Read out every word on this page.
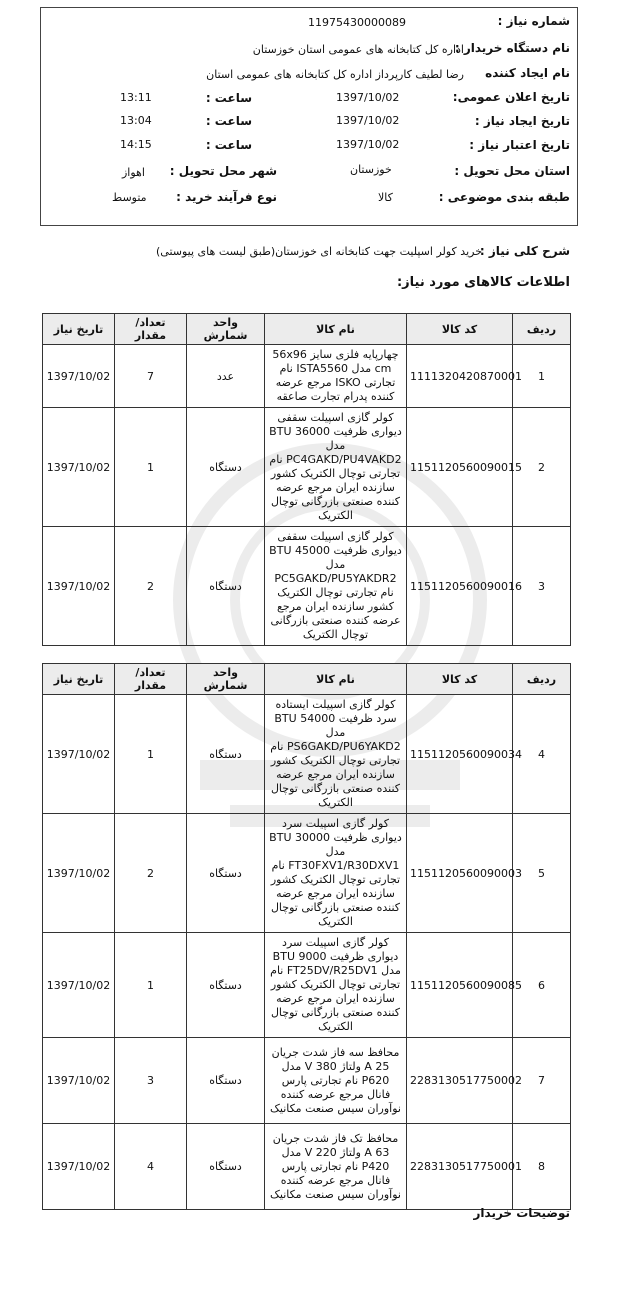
شماره نیاز :
11975430000089
نام دستگاه خریدار :
اداره کل کتابخانه های عمومی استان خوزستان
نام ایجاد کننده
رضا لطیف کارپرداز اداره کل کتابخانه های عمومی استان
تاریخ اعلان عمومی:
1397/10/02
ساعت :
13:11
تاریخ ایجاد نیاز :
1397/10/02
ساعت :
13:04
تاریخ اعتبار نیاز :
1397/10/02
ساعت :
14:15
استان محل تحویل :
خوزستان
شهر محل تحویل :
اهواز
طبقه بندی موضوعی :
کالا
نوع فرآیند خرید :
متوسط
شرح کلی نیاز :
خرید کولر اسپلیت جهت کتابخانه ای خوزستان(طبق لیست های پیوستی)
اطلاعات کالاهای مورد نیاز:
ردیف	کد کالا	نام کالا	واحد شمارش	تعداد/ مقدار	تاریخ نیاز
1	1111320420870001	چهارپایه فلزی سایز 56x96 cm مدل ISTA5560 نام تجارتی ISKO مرجع عرضه کننده پدرام تجارت صاعقه	عدد	7	1397/10/02
2	1151120560090015	کولر گازی اسپیلت سقفی دیواری ظرفیت BTU 36000 مدل PC4GAKD/PU4VAKD2 نام تجارتی توچال الکتریک کشور سازنده ایران مرجع عرضه کننده صنعتی بازرگانی توچال الکتریک	دستگاه	1	1397/10/02
3	1151120560090016	کولر گازی اسپیلت سقفی دیواری ظرفیت BTU 45000 مدل PC5GAKD/PU5YAKDR2 نام تجارتی توچال الکتریک کشور سازنده ایران مرجع عرضه کننده صنعتی بازرگانی توچال الکتریک	دستگاه	2	1397/10/02
ردیف	کد کالا	نام کالا	واحد شمارش	تعداد/ مقدار	تاریخ نیاز
4	1151120560090034	کولر گازی اسپیلت ایستاده سرد ظرفیت BTU 54000 مدل PS6GAKD/PU6YAKD2 نام تجارتی توچال الکتریک کشور سازنده ایران مرجع عرضه کننده صنعتی بازرگانی توچال الکتریک	دستگاه	1	1397/10/02
5	1151120560090003	کولر گازی اسپیلت سرد دیواری ظرفیت BTU 30000 مدل FT30FXV1/R30DXV1 نام تجارتی توچال الکتریک کشور سازنده ایران مرجع عرضه کننده صنعتی بازرگانی توچال الکتریک	دستگاه	2	1397/10/02
6	1151120560090085	کولر گازی اسپیلت سرد دیواری ظرفیت BTU 9000 مدل FT25DV/R25DV1 نام تجارتی توچال الکتریک کشور سازنده ایران مرجع عرضه کننده صنعتی بازرگانی توچال الکتریک	دستگاه	1	1397/10/02
7	2283130517750002	محافظ سه فاز شدت جریان 25 A ولتاژ 380 V مدل P620 نام تجارتی پارس فانال مرجع عرضه کننده نوآوران سیس صنعت مکانیک	دستگاه	3	1397/10/02
8	2283130517750001	محافظ تک فاز شدت جریان 63 A ولتاژ 220 V مدل P420 نام تجارتی پارس فانال مرجع عرضه کننده نوآوران سیس صنعت مکانیک	دستگاه	4	1397/10/02
توضیحات خریدار
